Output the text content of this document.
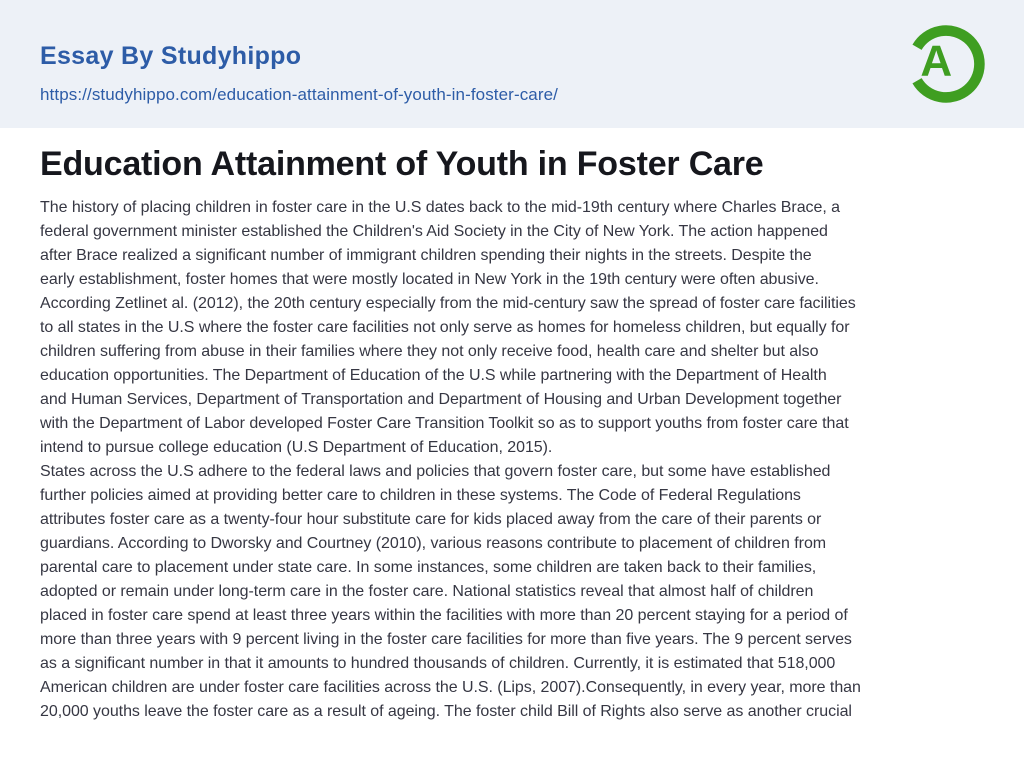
Essay By Studyhippo
https://studyhippo.com/education-attainment-of-youth-in-foster-care/
A
Education Attainment of Youth in Foster Care
The history of placing children in foster care in the U.S dates back to the mid-19th century where Charles Brace, a
federal government minister established the Children's Aid Society in the City of New York. The action happened
after Brace realized a significant number of immigrant children spending their nights in the streets. Despite the
early establishment, foster homes that were mostly located in New York in the 19th century were often abusive.
According Zetlinet al. (2012), the 20th century especially from the mid-century saw the spread of foster care facilities
to all states in the U.S where the foster care facilities not only serve as homes for homeless children, but equally for
children suffering from abuse in their families where they not only receive food, health care and shelter but also
education opportunities. The Department of Education of the U.S while partnering with the Department of Health
and Human Services, Department of Transportation and Department of Housing and Urban Development together
with the Department of Labor developed Foster Care Transition Toolkit so as to support youths from foster care that
intend to pursue college education (U.S Department of Education, 2015).
States across the U.S adhere to the federal laws and policies that govern foster care, but some have established
further policies aimed at providing better care to children in these systems. The Code of Federal Regulations
attributes foster care as a twenty-four hour substitute care for kids placed away from the care of their parents or
guardians. According to Dworsky and Courtney (2010), various reasons contribute to placement of children from
parental care to placement under state care. In some instances, some children are taken back to their families,
adopted or remain under long-term care in the foster care. National statistics reveal that almost half of children
placed in foster care spend at least three years within the facilities with more than 20 percent staying for a period of
more than three years with 9 percent living in the foster care facilities for more than five years. The 9 percent serves
as a significant number in that it amounts to hundred thousands of children. Currently, it is estimated that 518,000
American children are under foster care facilities across the U.S. (Lips, 2007).Consequently, in every year, more than
20,000 youths leave the foster care as a result of ageing. The foster child Bill of Rights also serve as another crucial
